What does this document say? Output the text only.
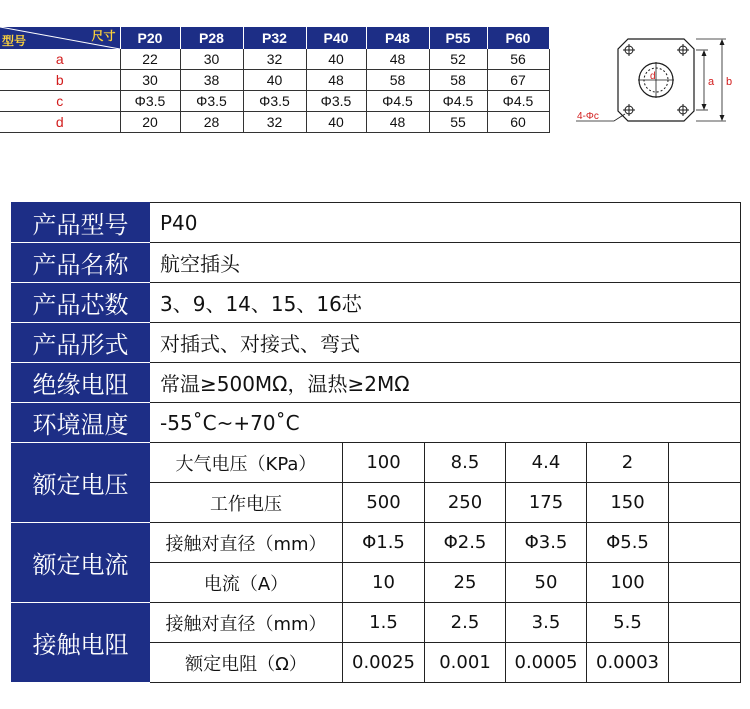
尺寸
型号	P20	P28	P32	P40	P48	P55	P60
a	22	30	32	40	48	52	56
b	30	38	40	48	58	58	67
c	Φ3.5	Φ3.5	Φ3.5	Φ3.5	Φ4.5	Φ4.5	Φ4.5
d	20	28	32	40	48	55	60
d	a b
4-Φc
产品型号	P40					
产品名称	航空插头					
产品芯数	3、9、14、15、16芯					
产品形式	对插式、对接式、弯式					
绝缘电阻	常温≥500MΩ，温热≥2MΩ					
环境温度	-55˚C~+70˚C					
额定电压	大气电压（KPa）	100	8.5	4.4	2	
	工作电压	500	250	175	150	
额定电流	接触对直径（mm）	Φ1.5	Φ2.5	Φ3.5	Φ5.5	
	电流（A）	10	25	50	100	
接触电阻	接触对直径（mm）	1.5	2.5	3.5	5.5	
	额定电阻（Ω）	0.0025	0.001	0.0005	0.0003	
